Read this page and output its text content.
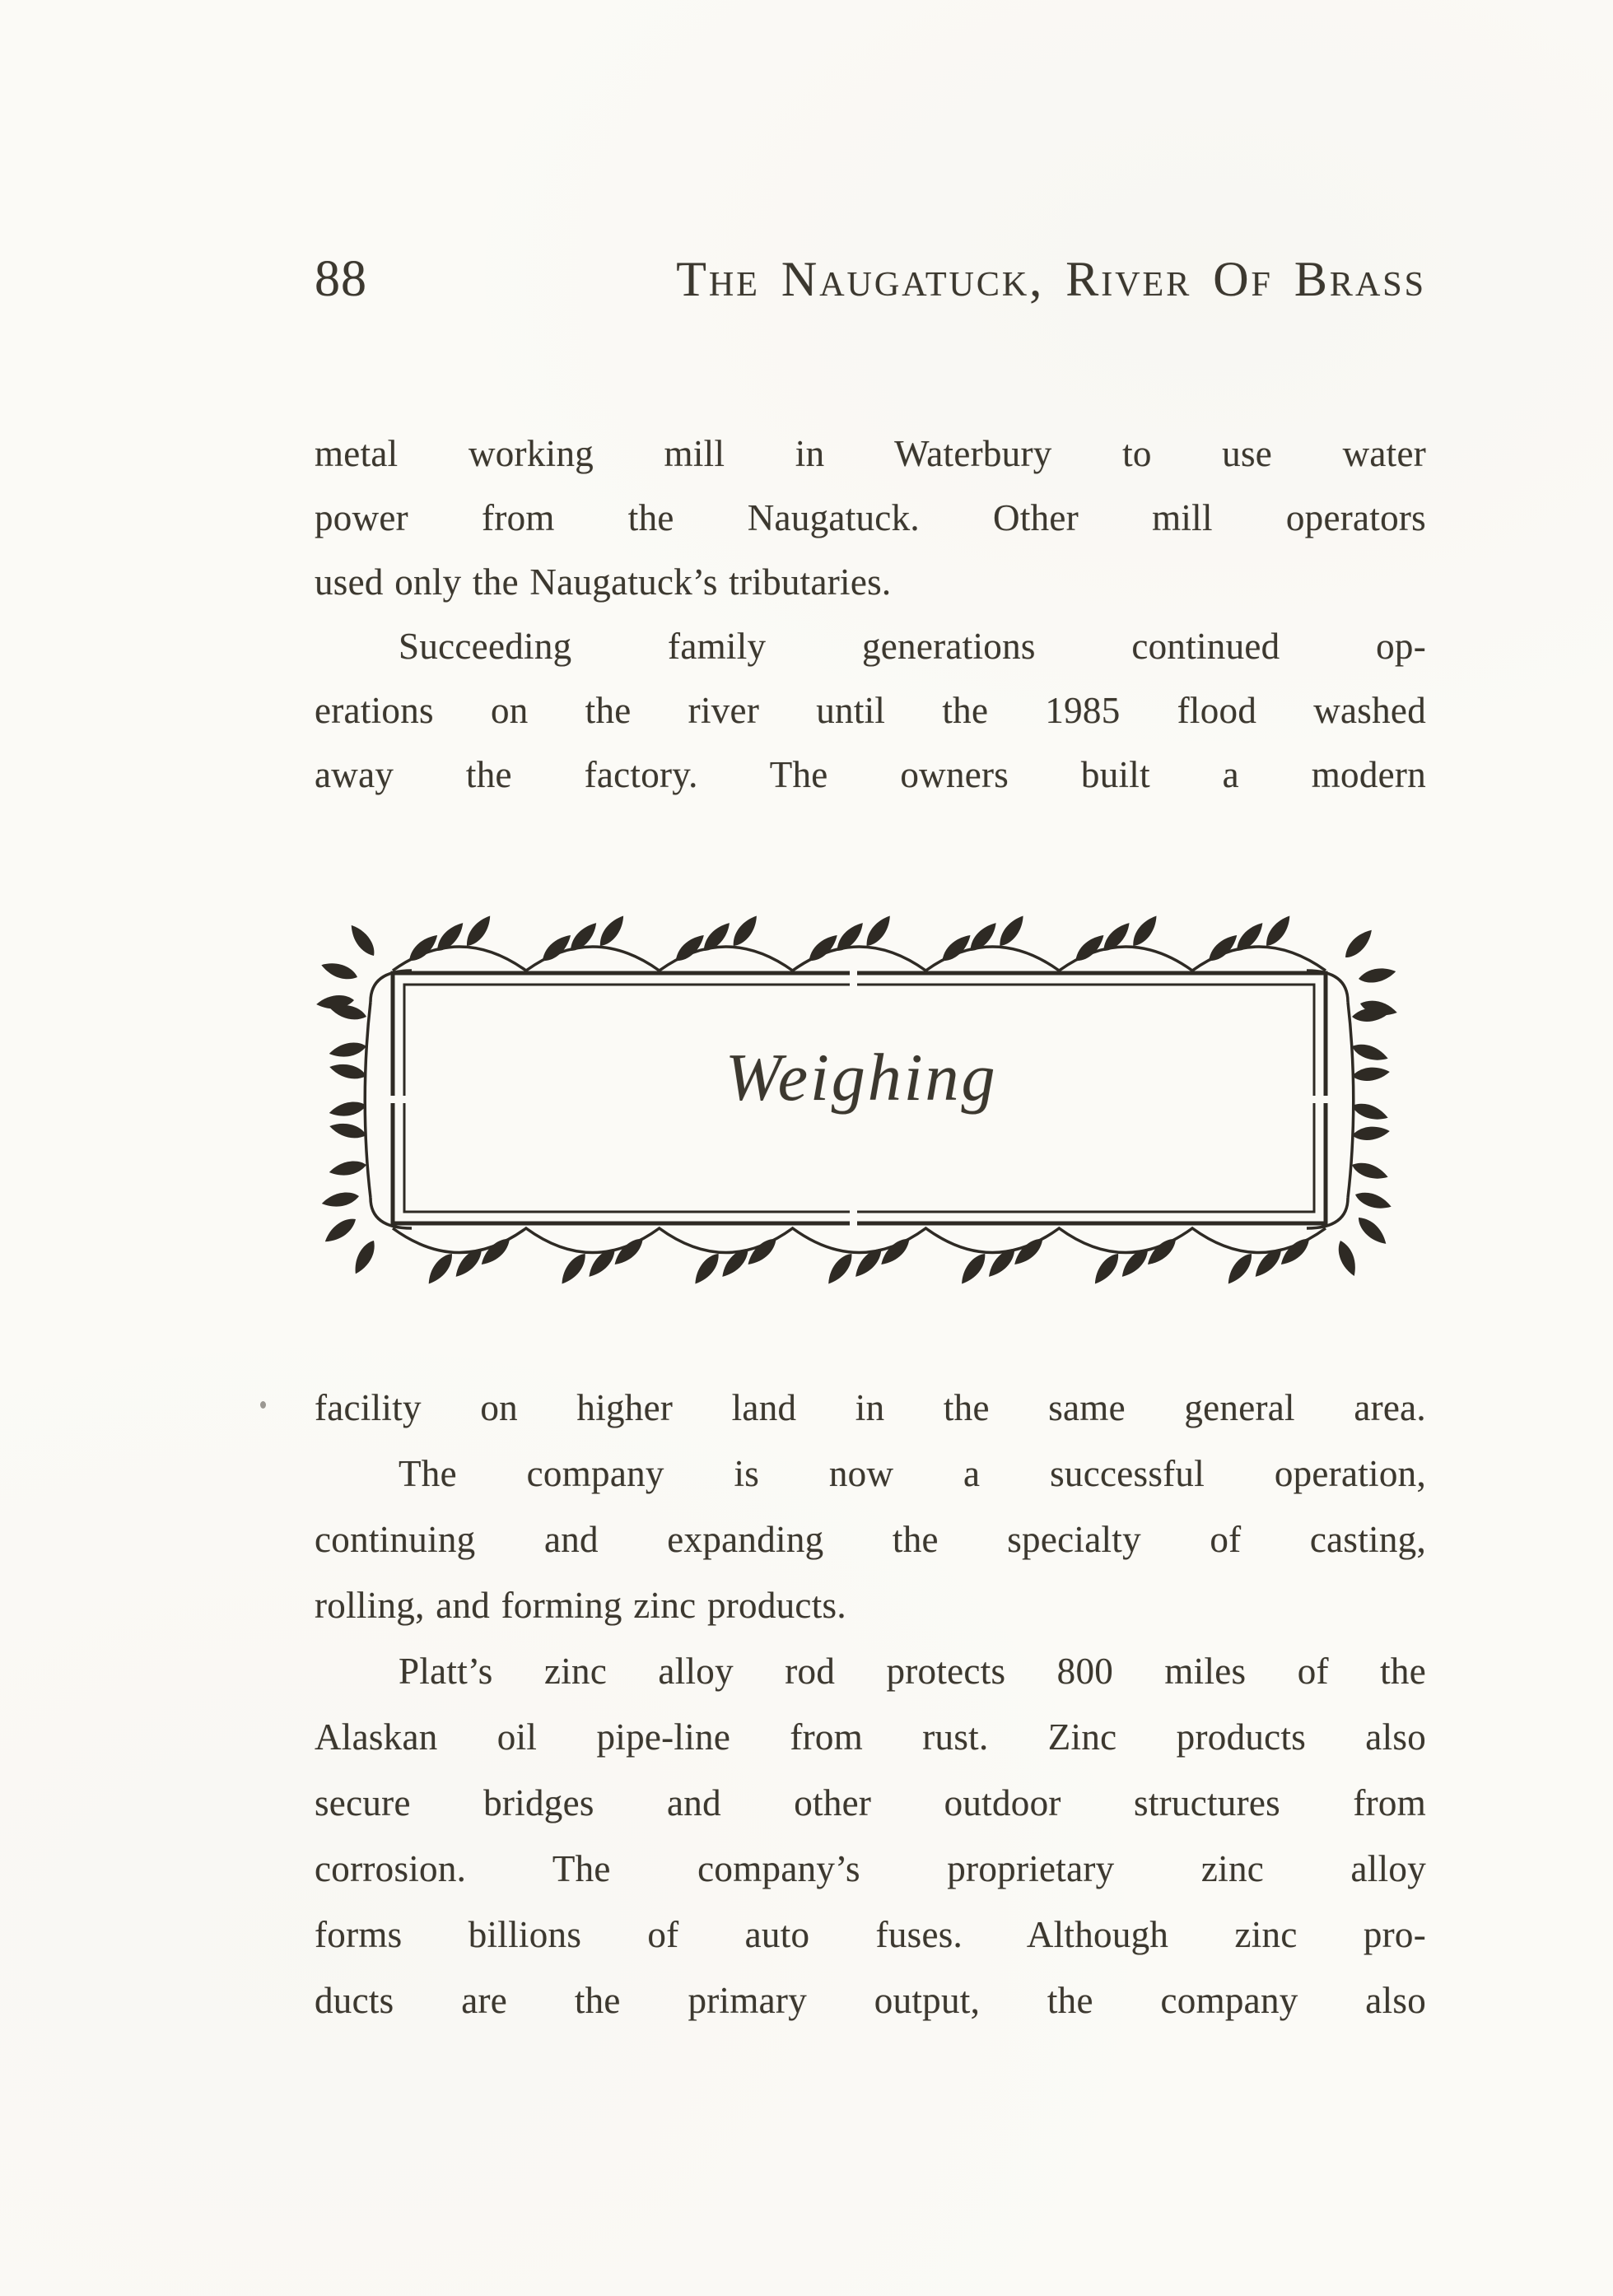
88	The Naugatuck, River Of Brass
metal working mill in Waterbury to use water
power from the Naugatuck. Other mill operators
used only the Naugatuck’s tributaries.
Succeeding family generations continued op-
erations on the river until the 1985 flood washed
away the factory. The owners built a modern
Weighing
facility on higher land in the same general area.
The company is now a successful operation,
continuing and expanding the specialty of casting,
rolling, and forming zinc products.
Platt’s zinc alloy rod protects 800 miles of the
Alaskan oil pipe-line from rust. Zinc products also
secure bridges and other outdoor structures from
corrosion. The company’s proprietary zinc alloy
forms billions of auto fuses. Although zinc pro-
ducts are the primary output, the company also
